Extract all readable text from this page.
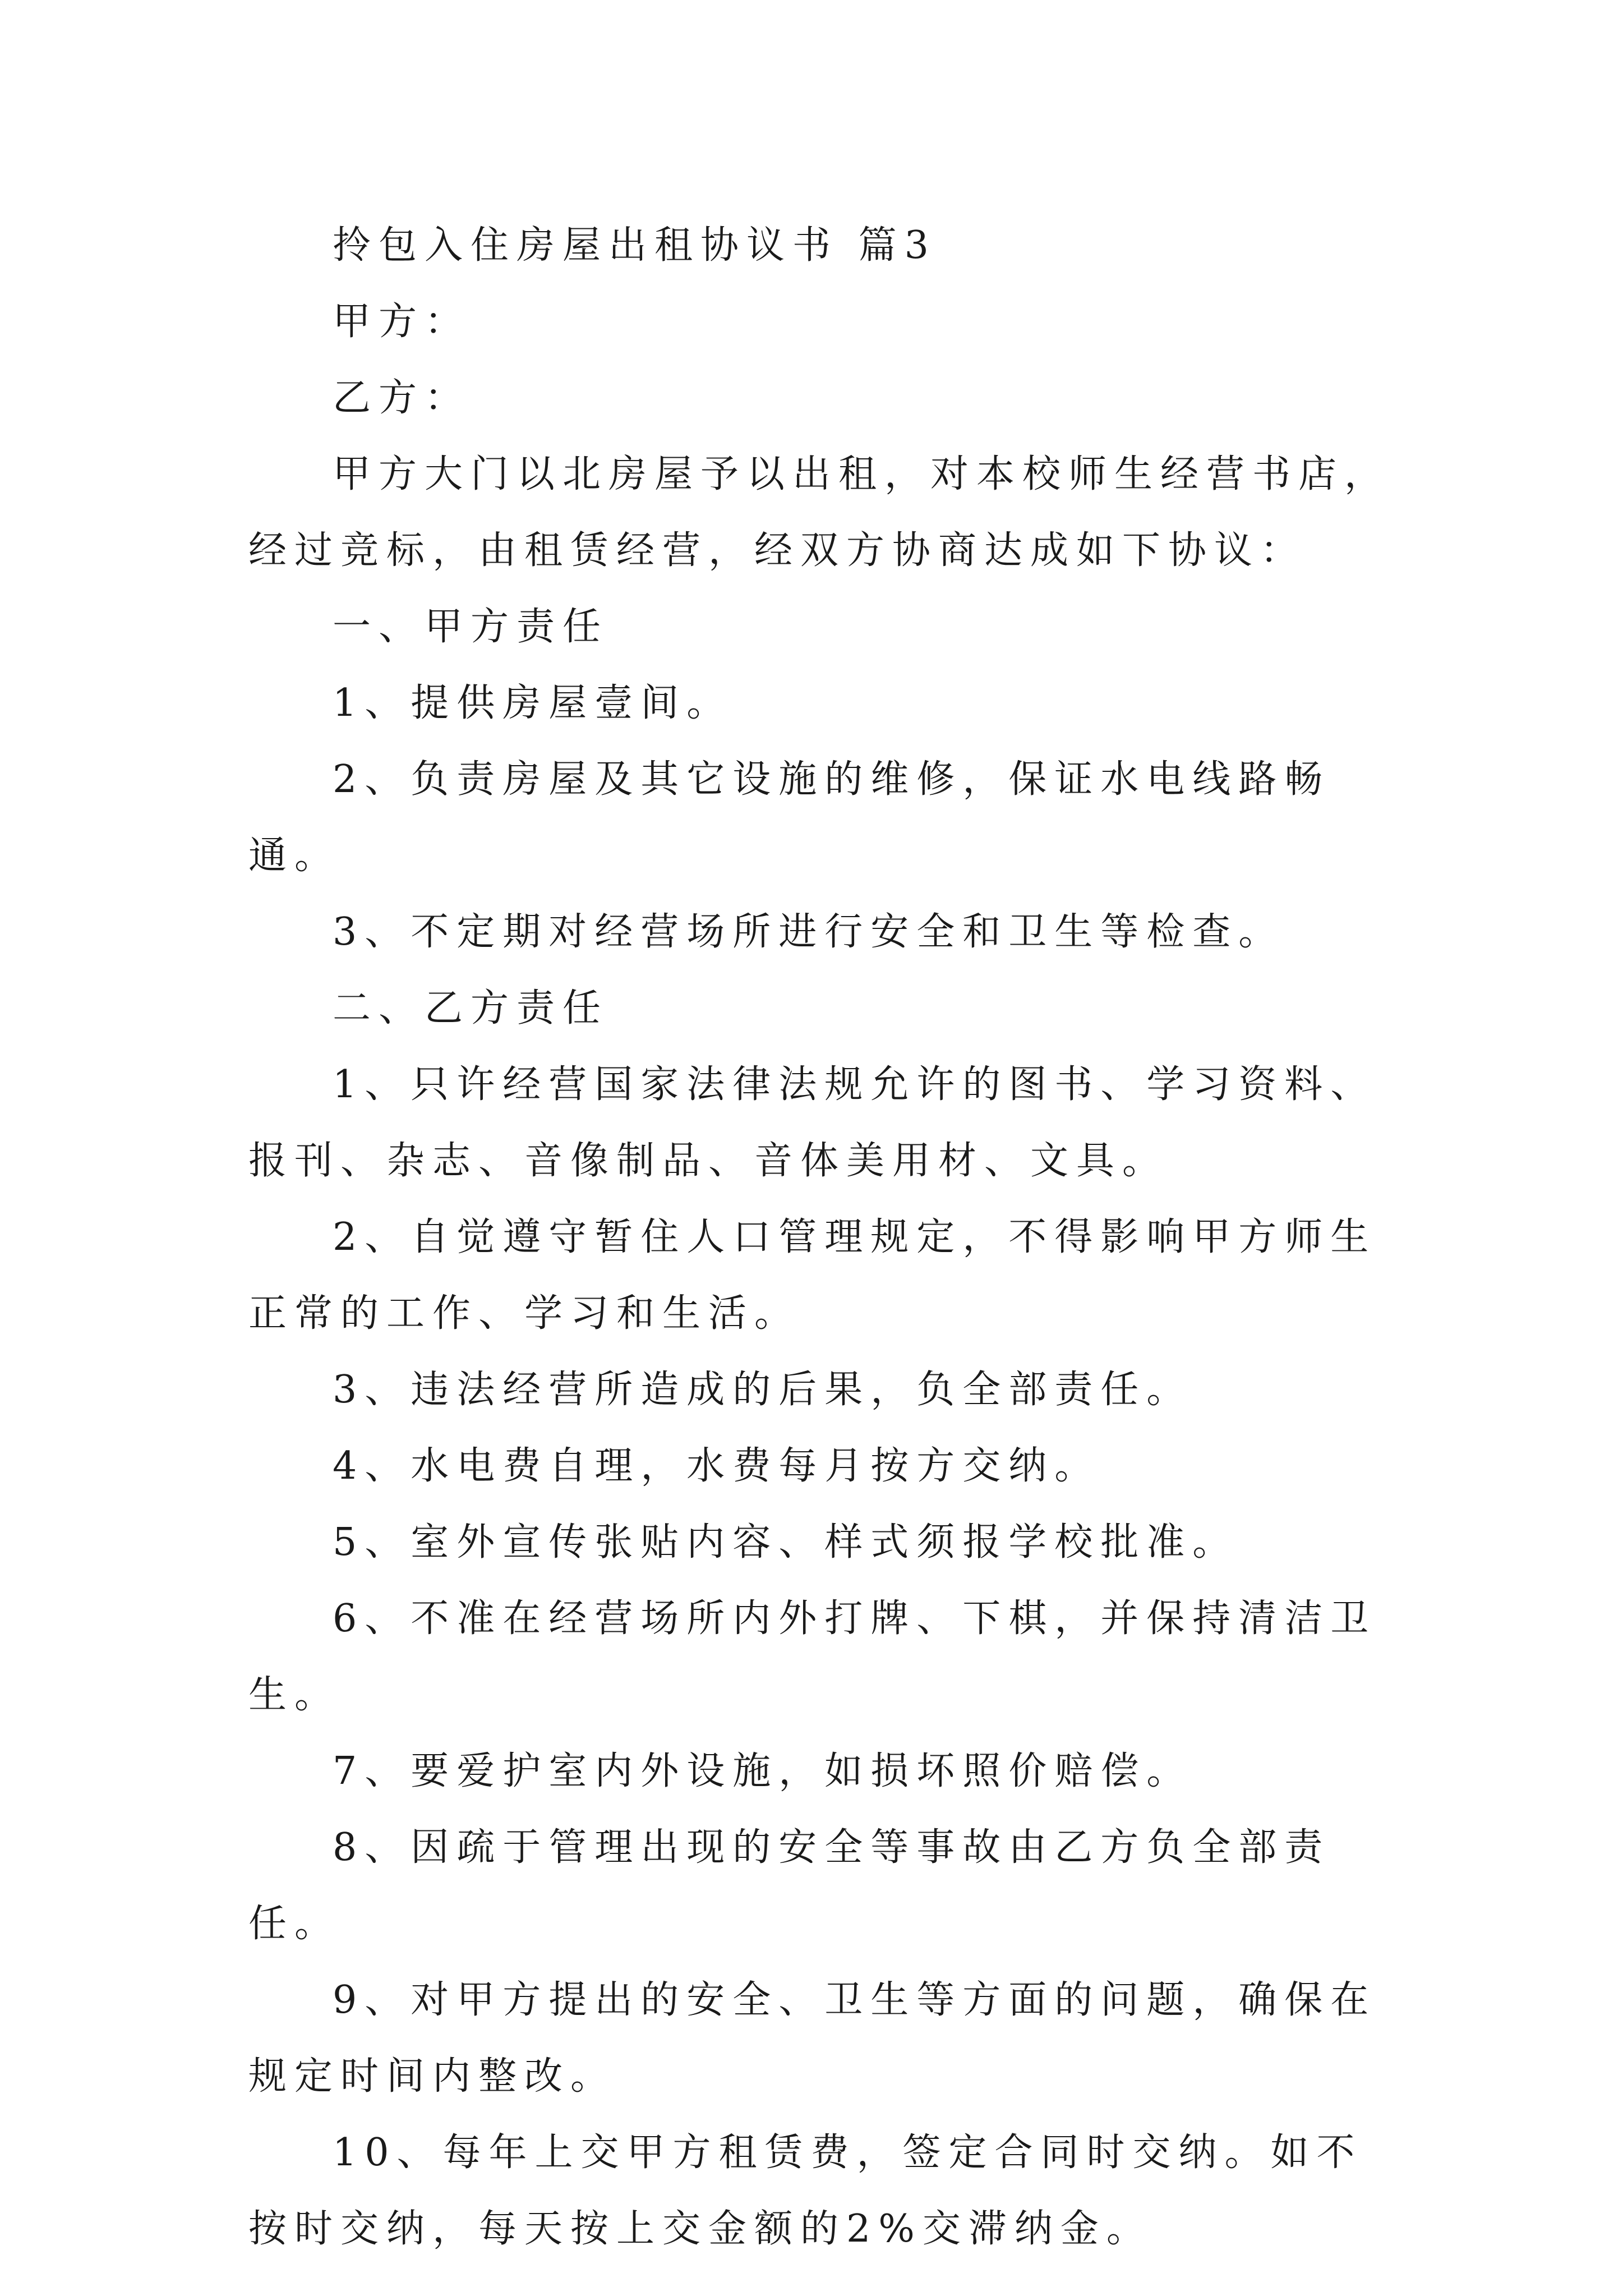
拎包入住房屋出租协议书 篇3

甲方：

乙方：

甲方大门以北房屋予以出租，对本校师生经营书店，经过竞标，由租赁经营，经双方协商达成如下协议：

一、甲方责任

1、提供房屋壹间。

2、负责房屋及其它设施的维修，保证水电线路畅通。

3、不定期对经营场所进行安全和卫生等检查。

二、乙方责任

1、只许经营国家法律法规允许的图书、学习资料、报刊、杂志、音像制品、音体美用材、文具。

2、自觉遵守暂住人口管理规定，不得影响甲方师生正常的工作、学习和生活。

3、违法经营所造成的后果，负全部责任。

4、水电费自理，水费每月按方交纳。

5、室外宣传张贴内容、样式须报学校批准。

6、不准在经营场所内外打牌、下棋，并保持清洁卫生。

7、要爱护室内外设施，如损坏照价赔偿。

8、因疏于管理出现的安全等事故由乙方负全部责任。

9、对甲方提出的安全、卫生等方面的问题，确保在规定时间内整改。

10、每年上交甲方租赁费，签定合同时交纳。如不按时交纳，每天按上交金额的2%交滞纳金。
